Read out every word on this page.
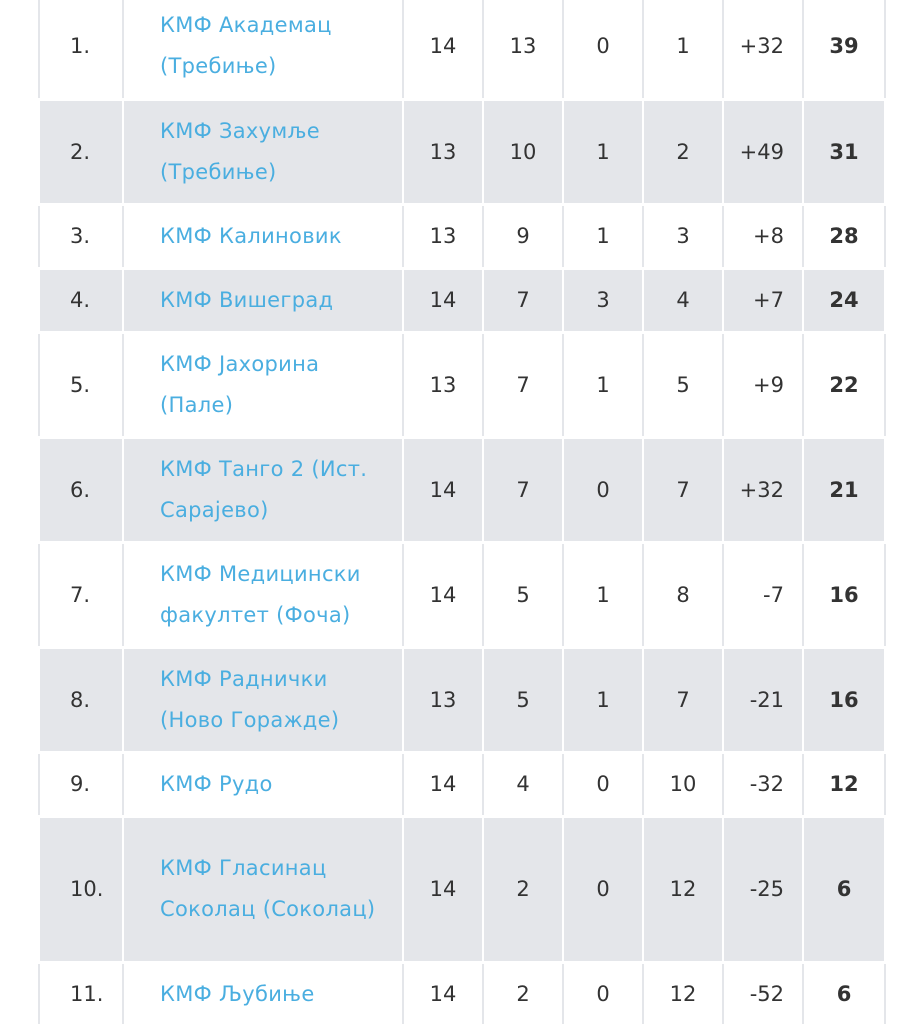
1.	КМФ Академац (Требиње)	14	13	0	1	+32	39
2.	КМФ Захумље (Требиње)	13	10	1	2	+49	31
3.	КМФ Калиновик	13	9	1	3	+8	28
4.	КМФ Вишеград	14	7	3	4	+7	24
5.	КМФ Јахорина (Пале)	13	7	1	5	+9	22
6.	КМФ Танго 2 (Ист. Сарајево)	14	7	0	7	+32	21
7.	КМФ Медицински факултет (Фоча)	14	5	1	8	-7	16
8.	КМФ Раднички (Ново Горажде)	13	5	1	7	-21	16
9.	КМФ Рудо	14	4	0	10	-32	12
10.	КМФ Гласинац Соколац (Соколац)	14	2	0	12	-25	6
11.	КМФ Љубиње	14	2	0	12	-52	6
